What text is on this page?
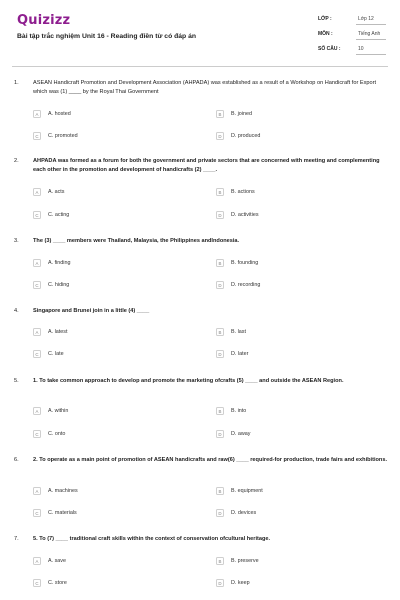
Quizizz
Bài tập trắc nghiệm Unit 16 - Reading điền từ có đáp án
LỚP :	Lớp 12
MÔN :	Tiếng Anh
SỐ CÂU :	10
1.	ASEAN Handicraft Promotion and Development Association (AHPADA) was established as a result of a Workshop on Handicraft for Export which was (1) ____ by the Royal Thai Government
A	A. hosted	B	B. joined
C	C. promoted	D	D. produced
2.	AHPADA was formed as a forum for both the government and private sectors that are concerned with meeting and complementing each other in the promotion and development of handicrafts (2) ____.
A	A. acts	B	B. actions
C	C. acting	D	D. activities
3.	The (3) ____ members were Thailand, Malaysia, the Philippines andIndonesia.
A	A. finding	B	B. founding
C	C. hiding	D	D. recording
4.	Singapore and Brunei join in a little (4) ____
A	A. latest	B	B. last
C	C. late	D	D. later
5.	1. To take common approach to develop and promote the marketing ofcrafts (5) ____ and outside the ASEAN Region.
A	A. within	B	B. into
C	C. onto	D	D. away
6.	2. To operate as a main point of promotion of ASEAN handicrafts and raw(6) ____ required-for production, trade fairs and exhibitions.
A	A. machines	B	B. equipment
C	C. materials	D	D. devices
7.	5. To (7) ____ traditional craft skills within the context of conservation ofcultural heritage.
A	A. save	B	B. preserve
C	C. store	D	D. keep
